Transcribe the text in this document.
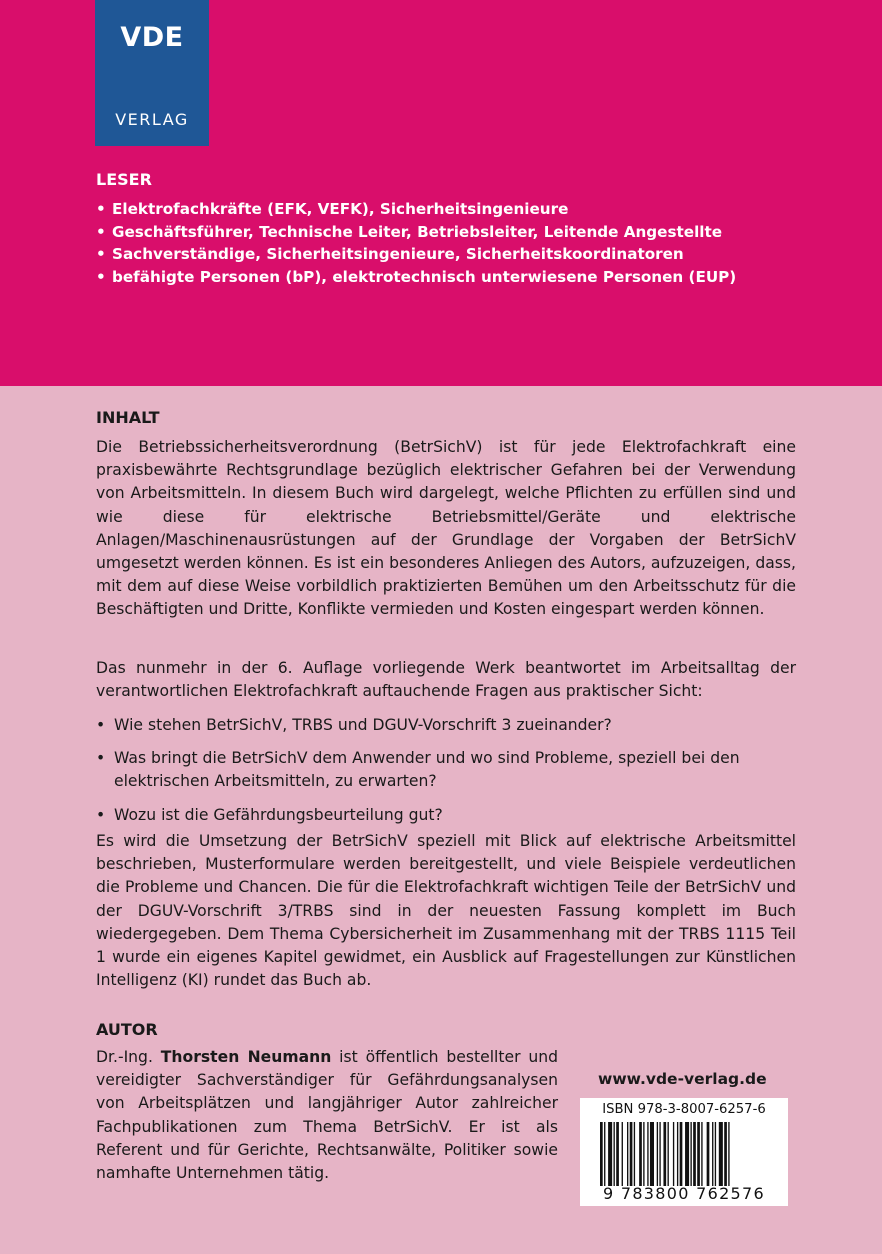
VDE
VERLAG
LESER
• Elektrofachkräfte (EFK, VEFK), Sicherheitsingenieure
• Geschäftsführer, Technische Leiter, Betriebsleiter, Leitende Angestellte
• Sachverständige, Sicherheitsingenieure, Sicherheitskoordinatoren
• befähigte Personen (bP), elektrotechnisch unterwiesene Personen (EUP)
INHALT

Die Betriebssicherheitsverordnung (BetrSichV) ist für jede Elektrofachkraft eine praxisbewährte Rechtsgrundlage bezüglich elektrischer Gefahren bei der Verwendung von Arbeitsmitteln. In diesem Buch wird dargelegt, welche Pflichten zu erfüllen sind und wie diese für elektrische Betriebsmittel/Geräte und elektrische Anlagen/Maschinenausrüstungen auf der Grundlage der Vorgaben der BetrSichV umgesetzt werden können. Es ist ein besonderes Anliegen des Autors, aufzuzeigen, dass, mit dem auf diese Weise vorbildlich praktizierten Bemühen um den Arbeitsschutz für die Beschäftigten und Dritte, Konflikte vermieden und Kosten eingespart werden können.

Das nunmehr in der 6. Auflage vorliegende Werk beantwortet im Arbeitsalltag der verantwortlichen Elektrofachkraft auftauchende Fragen aus praktischer Sicht:

• Wie stehen BetrSichV, TRBS und DGUV-Vorschrift 3 zueinander?
• Was bringt die BetrSichV dem Anwender und wo sind Probleme, speziell bei den elektrischen Arbeitsmitteln, zu erwarten?
• Wozu ist die Gefährdungsbeurteilung gut?

Es wird die Umsetzung der BetrSichV speziell mit Blick auf elektrische Arbeitsmittel beschrieben, Musterformulare werden bereitgestellt, und viele Beispiele verdeutlichen die Probleme und Chancen. Die für die Elektrofachkraft wichtigen Teile der BetrSichV und der DGUV-Vorschrift 3/TRBS sind in der neuesten Fassung komplett im Buch wiedergegeben. Dem Thema Cybersicherheit im Zusammenhang mit der TRBS 1115 Teil 1 wurde ein eigenes Kapitel gewidmet, ein Ausblick auf Fragestellungen zur Künstlichen Intelligenz (KI) rundet das Buch ab.

AUTOR

Dr.-Ing. Thorsten Neumann ist öffentlich bestellter und vereidigter Sachverständiger für Gefährdungsanalysen von Arbeitsplätzen und langjähriger Autor zahlreicher Fachpublikationen zum Thema BetrSichV. Er ist als Referent und für Gerichte, Rechtsanwälte, Politiker sowie namhafte Unternehmen tätig.

www.vde-verlag.de
ISBN 978-3-8007-6257-6
9 783800 762576
